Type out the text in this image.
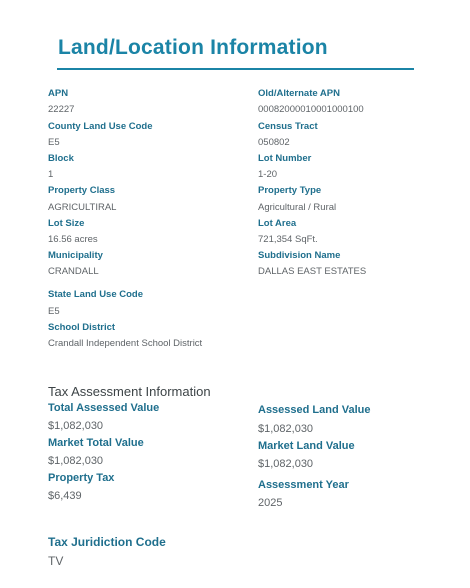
Land/Location Information
APN
22227
County Land Use Code
E5
Block
1
Property Class
AGRICULTIRAL
Lot Size
16.56 acres
Municipality
CRANDALL
State Land Use Code
E5
School District
Crandall Independent School District
Old/Alternate APN
00082000010001000100
Census Tract
050802
Lot Number
1-20
Property Type
Agricultural / Rural
Lot Area
721,354 SqFt.
Subdivision Name
DALLAS EAST ESTATES
Tax Assessment Information
Total Assessed Value
$1,082,030
Market Total Value
$1,082,030
Property Tax
$6,439
Assessed Land Value
$1,082,030
Market Land Value
$1,082,030
Assessment Year
2025
Tax Juridiction Code
TV
